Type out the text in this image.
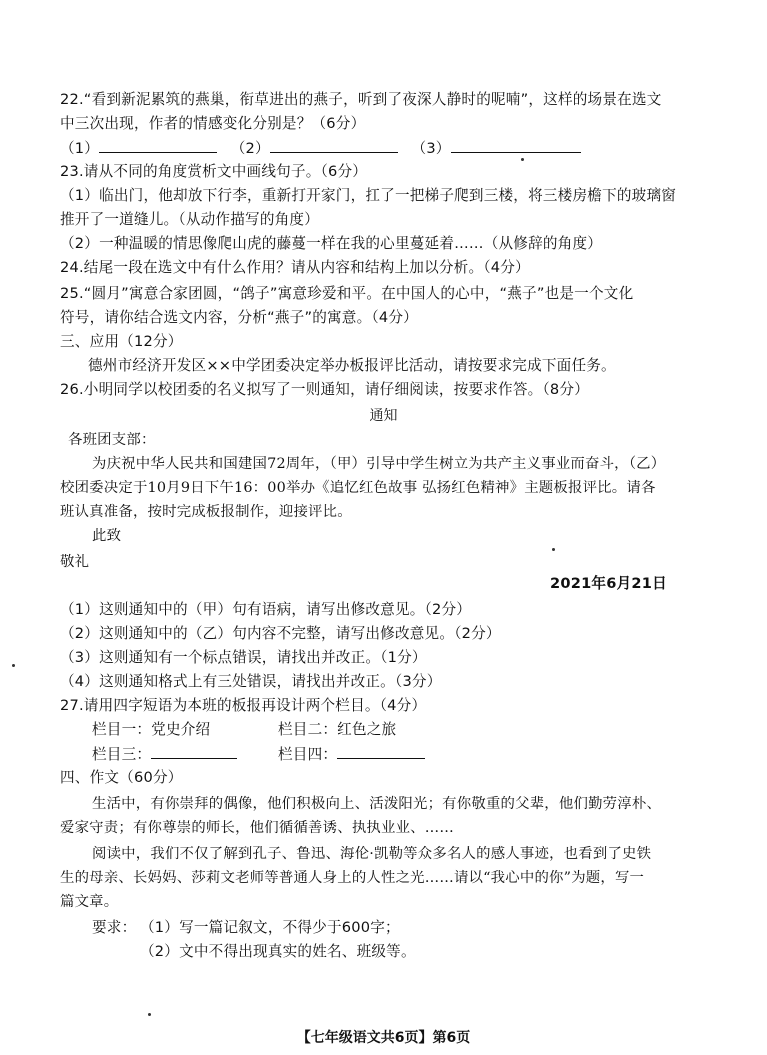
22.“看到新泥累筑的燕巢，衔草进出的燕子，听到了夜深人静时的呢喃”，这样的场景在选文
中三次出现，作者的情感变化分别是？（6分）
（1）	（2）	（3）
23.请从不同的角度赏析文中画线句子。（6分）
（1）临出门，他却放下行李，重新打开家门，扛了一把梯子爬到三楼，将三楼房檐下的玻璃窗
推开了一道缝儿。（从动作描写的角度）
（2）一种温暖的情思像爬山虎的藤蔓一样在我的心里蔓延着……（从修辞的角度）
24.结尾一段在选文中有什么作用？请从内容和结构上加以分析。（4分）
25.“圆月”寓意合家团圆，“鸽子”寓意珍爱和平。在中国人的心中，“燕子”也是一个文化
符号，请你结合选文内容，分析“燕子”的寓意。（4分）
三、应用（12分）
德州市经济开发区××中学团委决定举办板报评比活动，请按要求完成下面任务。
26.小明同学以校团委的名义拟写了一则通知，请仔细阅读，按要求作答。（8分）
通知
各班团支部：
为庆祝中华人民共和国建国72周年，（甲）引导中学生树立为共产主义事业而奋斗，（乙）
校团委决定于10月9日下午16：00举办《追忆红色故事 弘扬红色精神》主题板报评比。请各
班认真准备，按时完成板报制作，迎接评比。
此致
敬礼
2021年6月21日
（1）这则通知中的（甲）句有语病，请写出修改意见。（2分）
（2）这则通知中的（乙）句内容不完整，请写出修改意见。（2分）
（3）这则通知有一个标点错误，请找出并改正。（1分）
（4）这则通知格式上有三处错误，请找出并改正。（3分）
27.请用四字短语为本班的板报再设计两个栏目。（4分）
栏目一：党史介绍	栏目二：红色之旅
栏目三：	栏目四：
四、作文（60分）
生活中，有你崇拜的偶像，他们积极向上、活泼阳光；有你敬重的父辈，他们勤劳淳朴、
爱家守责；有你尊崇的师长，他们循循善诱、执执业业、……
阅读中，我们不仅了解到孔子、鲁迅、海伦·凯勒等众多名人的感人事迹，也看到了史铁
生的母亲、长妈妈、莎莉文老师等普通人身上的人性之光……请以“我心中的你”为题，写一
篇文章。
要求： （1）写一篇记叙文，不得少于600字；
（2）文中不得出现真实的姓名、班级等。
【七年级语文共6页】第6页
